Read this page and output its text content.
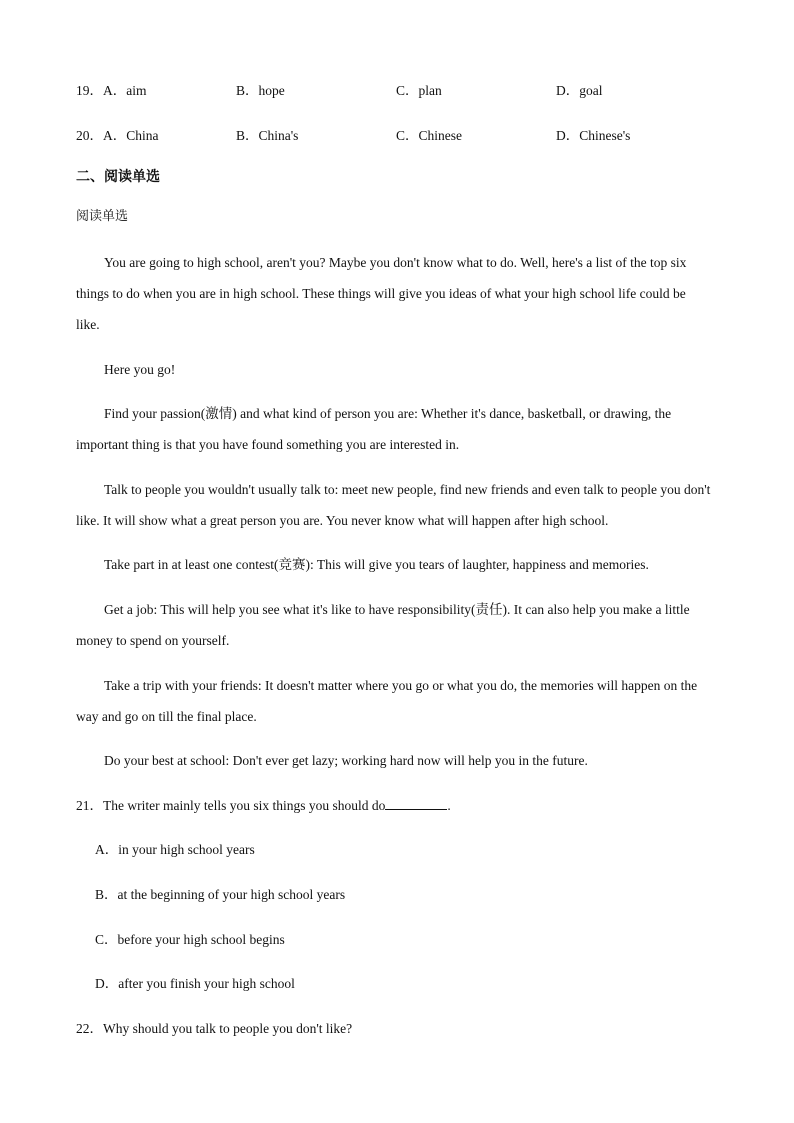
19．A．aim	B．hope	C．plan	D．goal
20．A．China	B．China's	C．Chinese	D．Chinese's
二、阅读单选
阅读单选
You are going to high school, aren't you? Maybe you don't know what to do. Well, here's a list of the top six things to do when you are in high school. These things will give you ideas of what your high school life could be like.
Here you go!
Find your passion(激情) and what kind of person you are: Whether it's dance, basketball, or drawing, the important thing is that you have found something you are interested in.
Talk to people you wouldn't usually talk to: meet new people, find new friends and even talk to people you don't like. It will show what a great person you are. You never know what will happen after high school.
Take part in at least one contest(竞赛): This will give you tears of laughter, happiness and memories.
Get a job: This will help you see what it's like to have responsibility(责任). It can also help you make a little money to spend on yourself.
Take a trip with your friends: It doesn't matter where you go or what you do, the memories will happen on the way and go on till the final place.
Do your best at school: Don't ever get lazy; working hard now will help you in the future.
21．The writer mainly tells you six things you should do	.
A．in your high school years
B．at the beginning of your high school years
C．before your high school begins
D．after you finish your high school
22．Why should you talk to people you don't like?
